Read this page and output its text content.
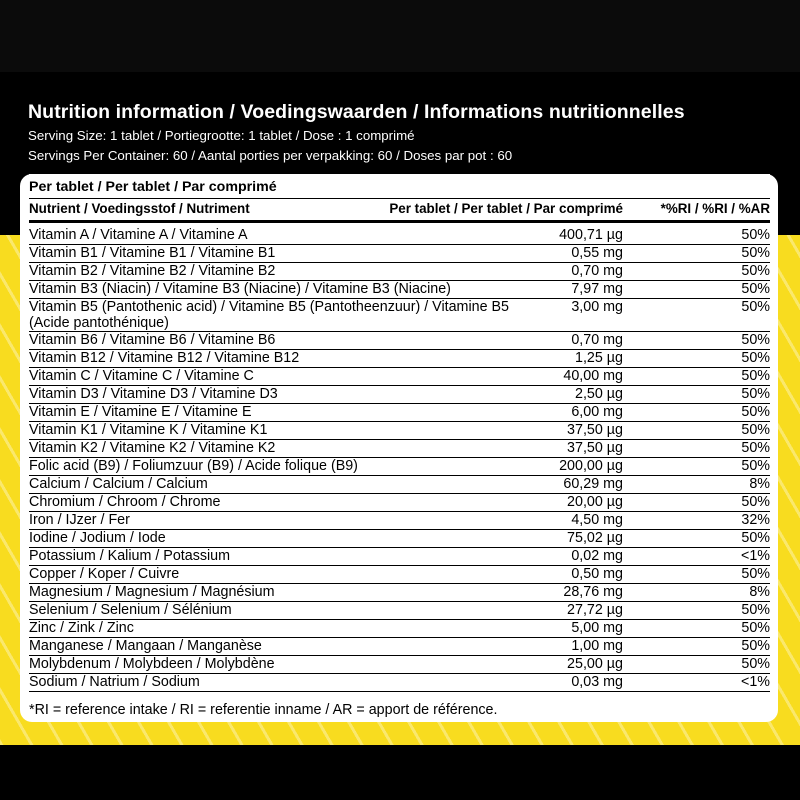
Nutrition information / Voedingswaarden / Informations nutritionnelles

Serving Size: 1 tablet / Portiegrootte: 1 tablet / Dose : 1 comprimé

Servings Per Container: 60 / Aantal porties per verpakking: 60 / Doses par pot : 60

Per tablet / Per tablet / Par comprimé
Nutrient / Voedingsstof / Nutriment	Per tablet / Per tablet / Par comprimé	*%RI / %RI / %AR
Vitamin A / Vitamine A / Vitamine A	400,71 µg	50%
Vitamin B1 / Vitamine B1 / Vitamine B1	0,55 mg	50%
Vitamin B2 / Vitamine B2 / Vitamine B2	0,70 mg	50%
Vitamin B3 (Niacin) / Vitamine B3 (Niacine) / Vitamine B3 (Niacine)	7,97 mg	50%
Vitamin B5 (Pantothenic acid) / Vitamine B5 (Pantotheenzuur) / Vitamine B5 (Acide pantothénique)
3,00 mg	50%
Vitamin B6 / Vitamine B6 / Vitamine B6	0,70 mg	50%
Vitamin B12 / Vitamine B12 / Vitamine B12	1,25 µg	50%
Vitamin C / Vitamine C / Vitamine C	40,00 mg	50%
Vitamin D3 / Vitamine D3 / Vitamine D3	2,50 µg	50%
Vitamin E / Vitamine E / Vitamine E	6,00 mg	50%
Vitamin K1 / Vitamine K / Vitamine K1	37,50 µg	50%
Vitamin K2 / Vitamine K2 / Vitamine K2	37,50 µg	50%
Folic acid (B9) / Foliumzuur (B9) / Acide folique (B9)	200,00 µg	50%
Calcium / Calcium / Calcium	60,29 mg	8%
Chromium / Chroom / Chrome	20,00 µg	50%
Iron / IJzer / Fer	4,50 mg	32%
Iodine / Jodium / Iode	75,02 µg	50%
Potassium / Kalium / Potassium	0,02 mg	<1%
Copper / Koper / Cuivre	0,50 mg	50%
Magnesium / Magnesium / Magnésium	28,76 mg	8%
Selenium / Selenium / Sélénium	27,72 µg	50%
Zinc / Zink / Zinc	5,00 mg	50%
Manganese / Mangaan / Manganèse	1,00 mg	50%
Molybdenum / Molybdeen / Molybdène	25,00 µg	50%
Sodium / Natrium / Sodium	0,03 mg	<1%
*RI = reference intake / RI = referentie inname / AR = apport de référence.
